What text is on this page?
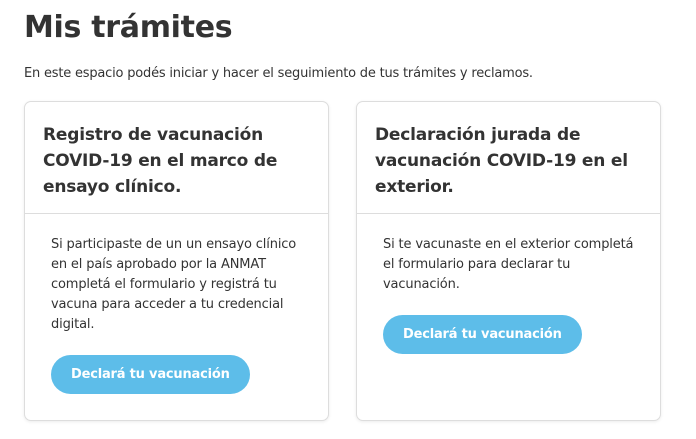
Mis trámites

En este espacio podés iniciar y hacer el seguimiento de tus trámites y reclamos.

Registro de vacunación COVID-19 en el marco de ensayo clínico.

Si participaste de un un ensayo clínico en el país aprobado por la ANMAT completá el formulario y registrá tu vacuna para acceder a tu credencial digital.

Declará tu vacunación
Declaración jurada de vacunación COVID-19 en el exterior.

Si te vacunaste en el exterior completá el formulario para declarar tu vacunación.

Declará tu vacunación
